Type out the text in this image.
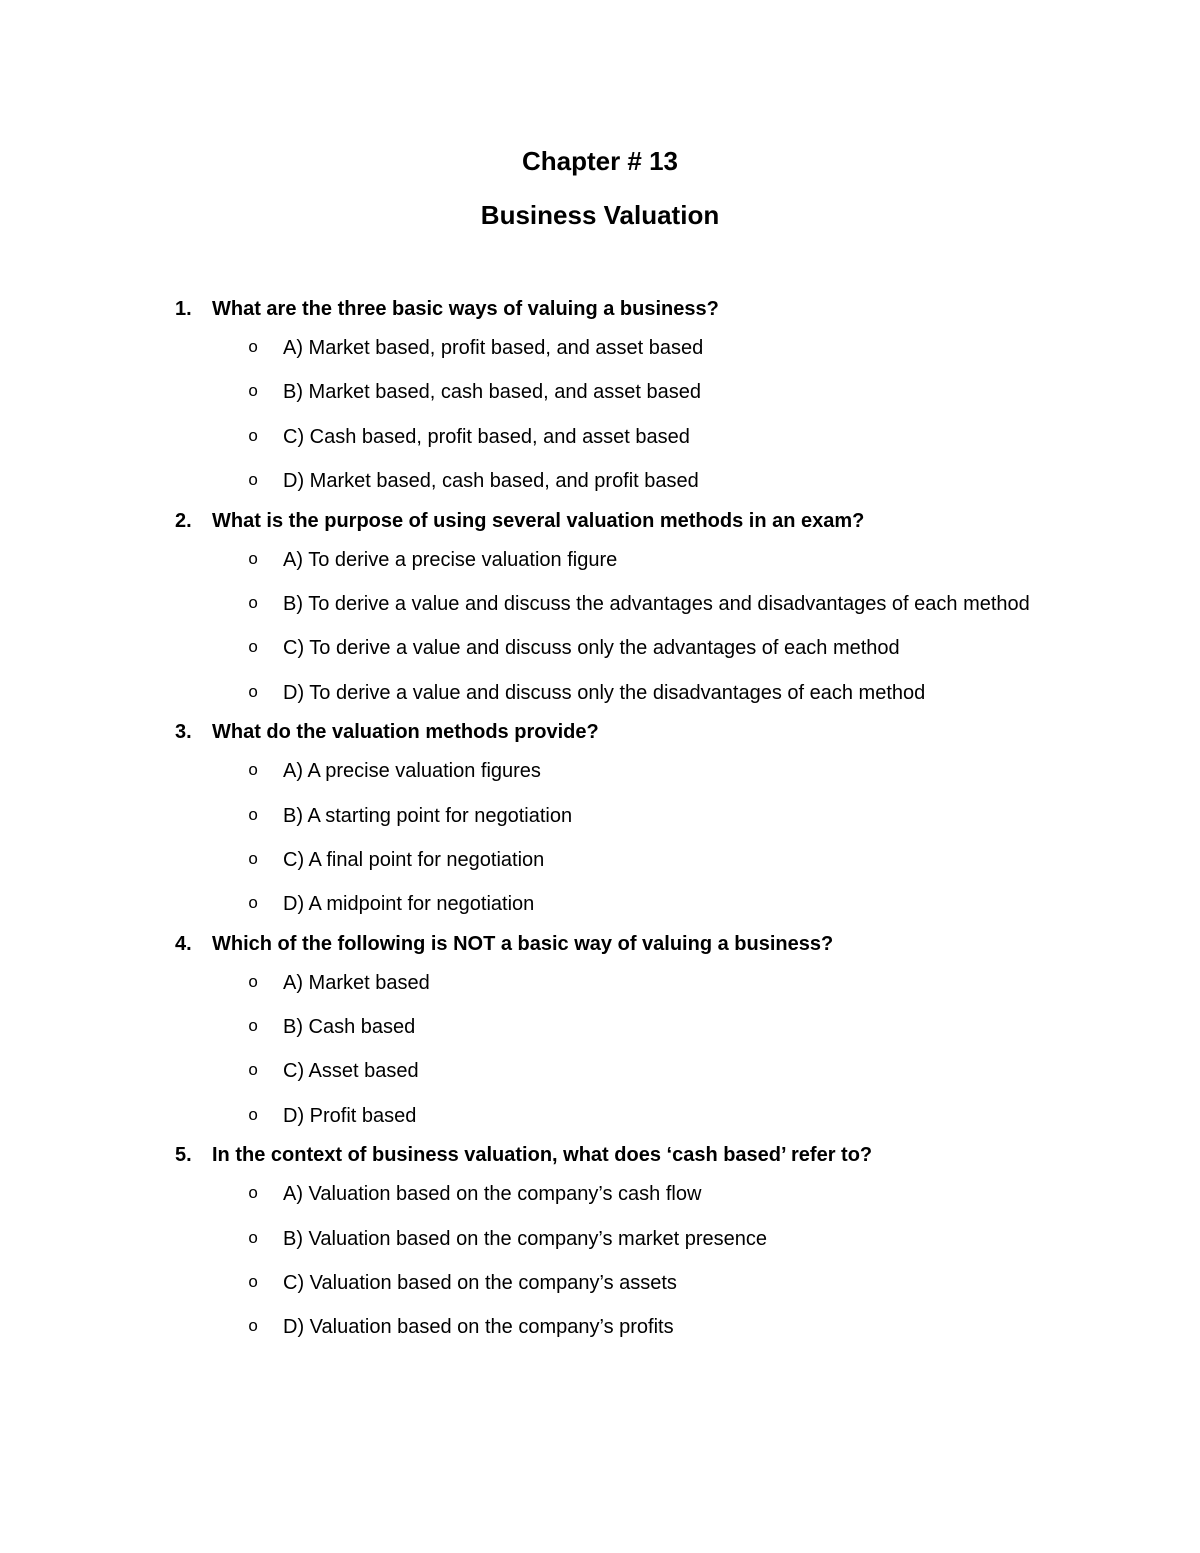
Chapter # 13
Business Valuation
1. What are the three basic ways of valuing a business?
o A) Market based, profit based, and asset based
o B) Market based, cash based, and asset based
o C) Cash based, profit based, and asset based
o D) Market based, cash based, and profit based
2. What is the purpose of using several valuation methods in an exam?
o A) To derive a precise valuation figure
o B) To derive a value and discuss the advantages and disadvantages of each method
o C) To derive a value and discuss only the advantages of each method
o D) To derive a value and discuss only the disadvantages of each method
3. What do the valuation methods provide?
o A) A precise valuation figures
o B) A starting point for negotiation
o C) A final point for negotiation
o D) A midpoint for negotiation
4. Which of the following is NOT a basic way of valuing a business?
o A) Market based
o B) Cash based
o C) Asset based
o D) Profit based
5. In the context of business valuation, what does ‘cash based’ refer to?
o A) Valuation based on the company’s cash flow
o B) Valuation based on the company’s market presence
o C) Valuation based on the company’s assets
o D) Valuation based on the company’s profits
